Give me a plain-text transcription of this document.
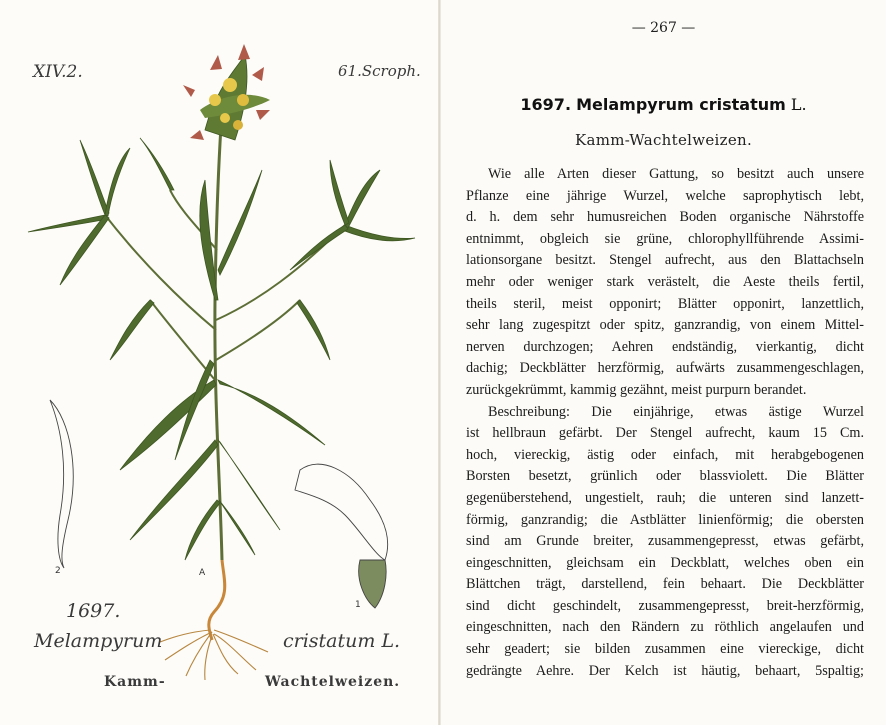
XIV.2.	61.Scroph.
A
1
2
1697.
Melampyrum	cristatum L.
Kamm-	Wachtelweizen.
— 267 —
1697. Melampyrum cristatum L.
Kamm-Wachtelweizen.
Wie alle Arten dieser Gattung, so besitzt auch unsere
Pflanze eine jährige Wurzel, welche saprophytisch lebt,
d. h. dem sehr humusreichen Boden organische Nährstoffe
entnimmt, obgleich sie grüne, chlorophyllführende Assimi-
lationsorgane besitzt. Stengel aufrecht, aus den Blattachseln
mehr oder weniger stark verästelt, die Aeste theils fertil,
theils steril, meist opponirt; Blätter opponirt, lanzettlich,
sehr lang zugespitzt oder spitz, ganzrandig, von einem Mittel-
nerven durchzogen; Aehren endständig, vierkantig, dicht
dachig; Deckblätter herzförmig, aufwärts zusammengeschlagen,
zurückgekrümmt, kammig gezähnt, meist purpurn berandet.
Beschreibung: Die einjährige, etwas ästige Wurzel
ist hellbraun gefärbt. Der Stengel aufrecht, kaum 15 Cm.
hoch, viereckig, ästig oder einfach, mit herabgebogenen
Borsten besetzt, grünlich oder blassviolett. Die Blätter
gegenüberstehend, ungestielt, rauh; die unteren sind lanzett-
förmig, ganzrandig; die Astblätter linienförmig; die obersten
sind am Grunde breiter, zusammengepresst, etwas gefärbt,
eingeschnitten, gleichsam ein Deckblatt, welches oben ein
Blättchen trägt, darstellend, fein behaart. Die Deckblätter
sind dicht geschindelt, zusammengepresst, breit-herzförmig,
eingeschnitten, nach den Rändern zu röthlich angelaufen und
sehr geadert; sie bilden zusammen eine viereckige, dicht
gedrängte Aehre. Der Kelch ist häutig, behaart, 5spaltig;
